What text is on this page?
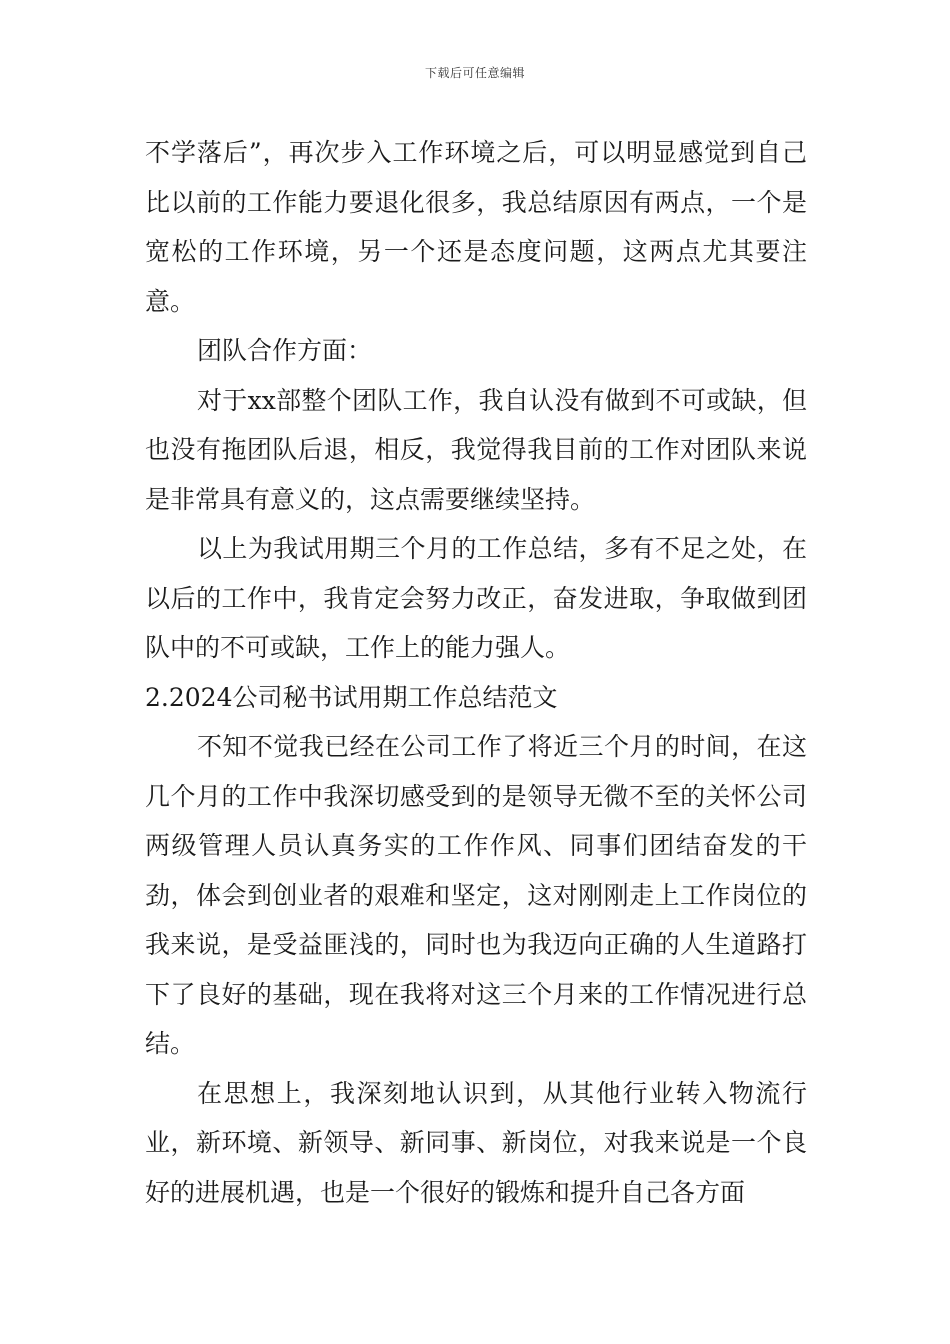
下载后可任意编辑

不学落后”，再次步入工作环境之后，可以明显感觉到自己比以前的工作能力要退化很多，我总结原因有两点，一个是宽松的工作环境，另一个还是态度问题，这两点尤其要注意。

团队合作方面：

对于xx部整个团队工作，我自认没有做到不可或缺，但也没有拖团队后退，相反，我觉得我目前的工作对团队来说是非常具有意义的，这点需要继续坚持。

以上为我试用期三个月的工作总结，多有不足之处，在以后的工作中，我肯定会努力改正，奋发进取，争取做到团队中的不可或缺，工作上的能力强人。

2.2024公司秘书试用期工作总结范文

不知不觉我已经在公司工作了将近三个月的时间，在这几个月的工作中我深切感受到的是领导无微不至的关怀公司两级管理人员认真务实的工作作风、同事们团结奋发的干劲，体会到创业者的艰难和坚定，这对刚刚走上工作岗位的我来说，是受益匪浅的，同时也为我迈向正确的人生道路打下了良好的基础，现在我将对这三个月来的工作情况进行总结。

在思想上，我深刻地认识到，从其他行业转入物流行业，新环境、新领导、新同事、新岗位，对我来说是一个良好的进展机遇，也是一个很好的锻炼和提升自己各方面
